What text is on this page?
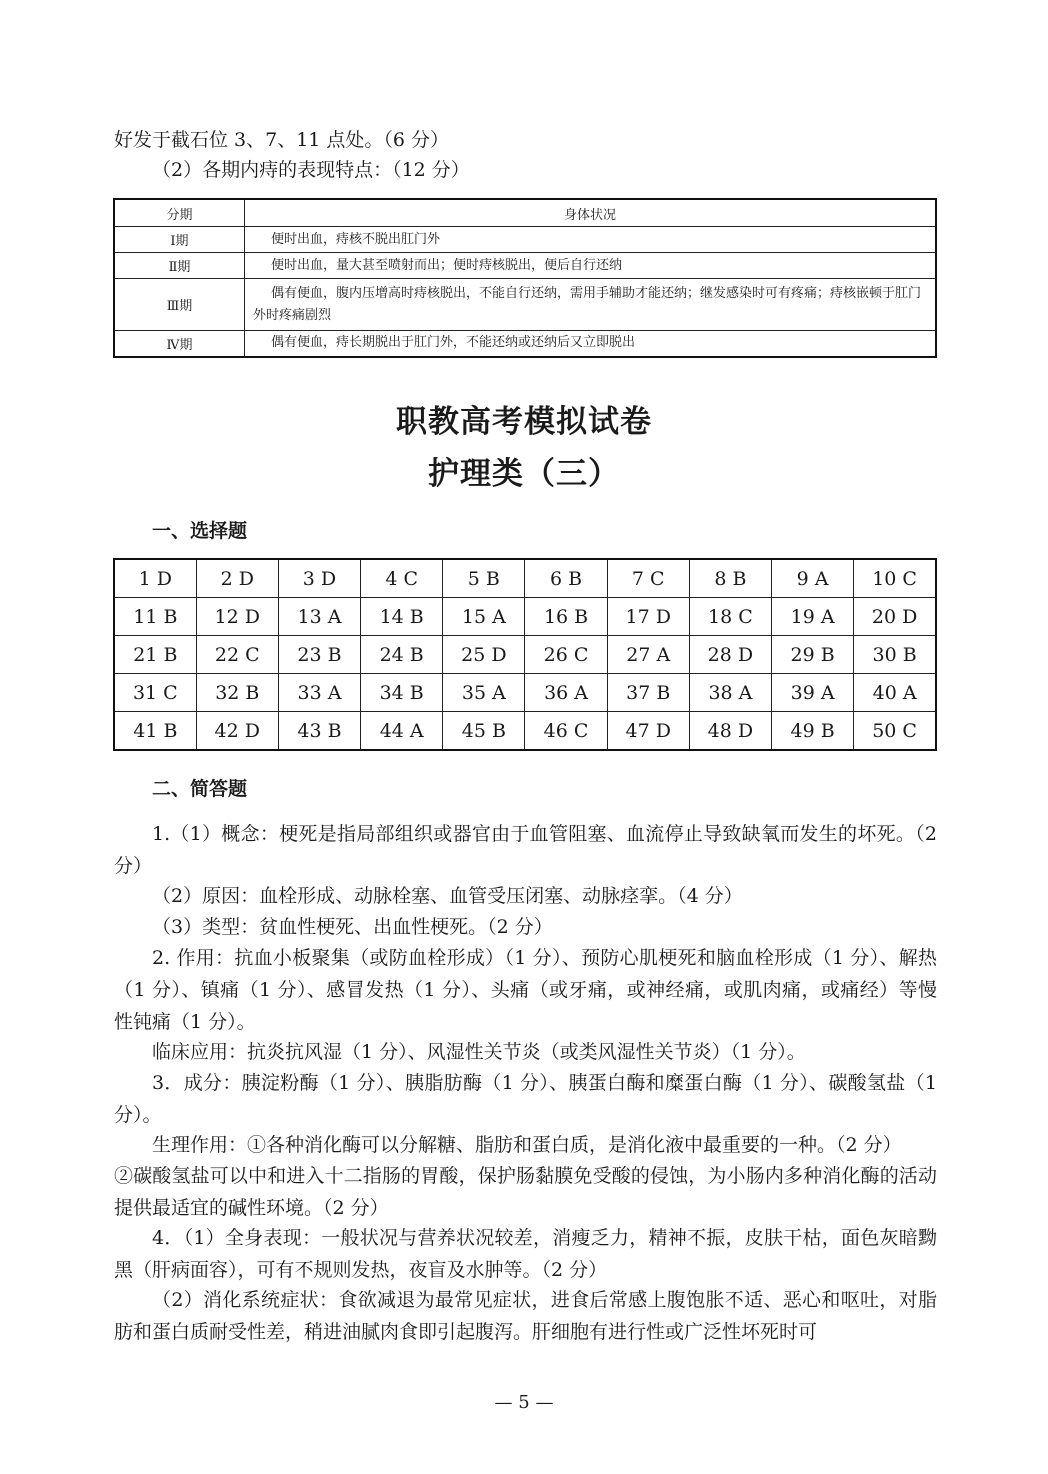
好发于截石位 3、7、11 点处。（6 分）

（2）各期内痔的表现特点：（12 分）

分期	身体状况
Ⅰ期	便时出血，痔核不脱出肛门外
Ⅱ期	便时出血，量大甚至喷射而出；便时痔核脱出，便后自行还纳
Ⅲ期	偶有便血，腹内压增高时痔核脱出，不能自行还纳，需用手辅助才能还纳；继发感染时可有疼痛；痔核嵌顿于肛门外时疼痛剧烈
Ⅳ期	偶有便血，痔长期脱出于肛门外，不能还纳或还纳后又立即脱出
职教高考模拟试卷
护理类（三）
一、选择题
1 D	2 D	3 D	4 C	5 B	6 B	7 C	8 B	9 A	10 C
11 B	12 D	13 A	14 B	15 A	16 B	17 D	18 C	19 A	20 D
21 B	22 C	23 B	24 B	25 D	26 C	27 A	28 D	29 B	30 B
31 C	32 B	33 A	34 B	35 A	36 A	37 B	38 A	39 A	40 A
41 B	42 D	43 B	44 A	45 B	46 C	47 D	48 D	49 B	50 C
二、简答题

1.（1）概念：梗死是指局部组织或器官由于血管阻塞、血流停止导致缺氧而发生的坏死。（2 分）

（2）原因：血栓形成、动脉栓塞、血管受压闭塞、动脉痉挛。（4 分）

（3）类型：贫血性梗死、出血性梗死。（2 分）

2. 作用：抗血小板聚集（或防血栓形成）（1 分）、预防心肌梗死和脑血栓形成（1 分）、解热（1 分）、镇痛（1 分）、感冒发热（1 分）、头痛（或牙痛，或神经痛，或肌肉痛，或痛经）等慢性钝痛（1 分）。

临床应用：抗炎抗风湿（1 分）、风湿性关节炎（或类风湿性关节炎）（1 分）。

3．成分：胰淀粉酶（1 分）、胰脂肪酶（1 分）、胰蛋白酶和糜蛋白酶（1 分）、碳酸氢盐（1 分）。

生理作用：①各种消化酶可以分解糖、脂肪和蛋白质，是消化液中最重要的一种。（2 分）

②碳酸氢盐可以中和进入十二指肠的胃酸，保护肠黏膜免受酸的侵蚀，为小肠内多种消化酶的活动提供最适宜的碱性环境。（2 分）

4．（1）全身表现：一般状况与营养状况较差，消瘦乏力，精神不振，皮肤干枯，面色灰暗黝黑（肝病面容），可有不规则发热，夜盲及水肿等。（2 分）

（2）消化系统症状：食欲减退为最常见症状，进食后常感上腹饱胀不适、恶心和呕吐，对脂肪和蛋白质耐受性差，稍进油腻肉食即引起腹泻。肝细胞有进行性或广泛性坏死时可

— 5 —
